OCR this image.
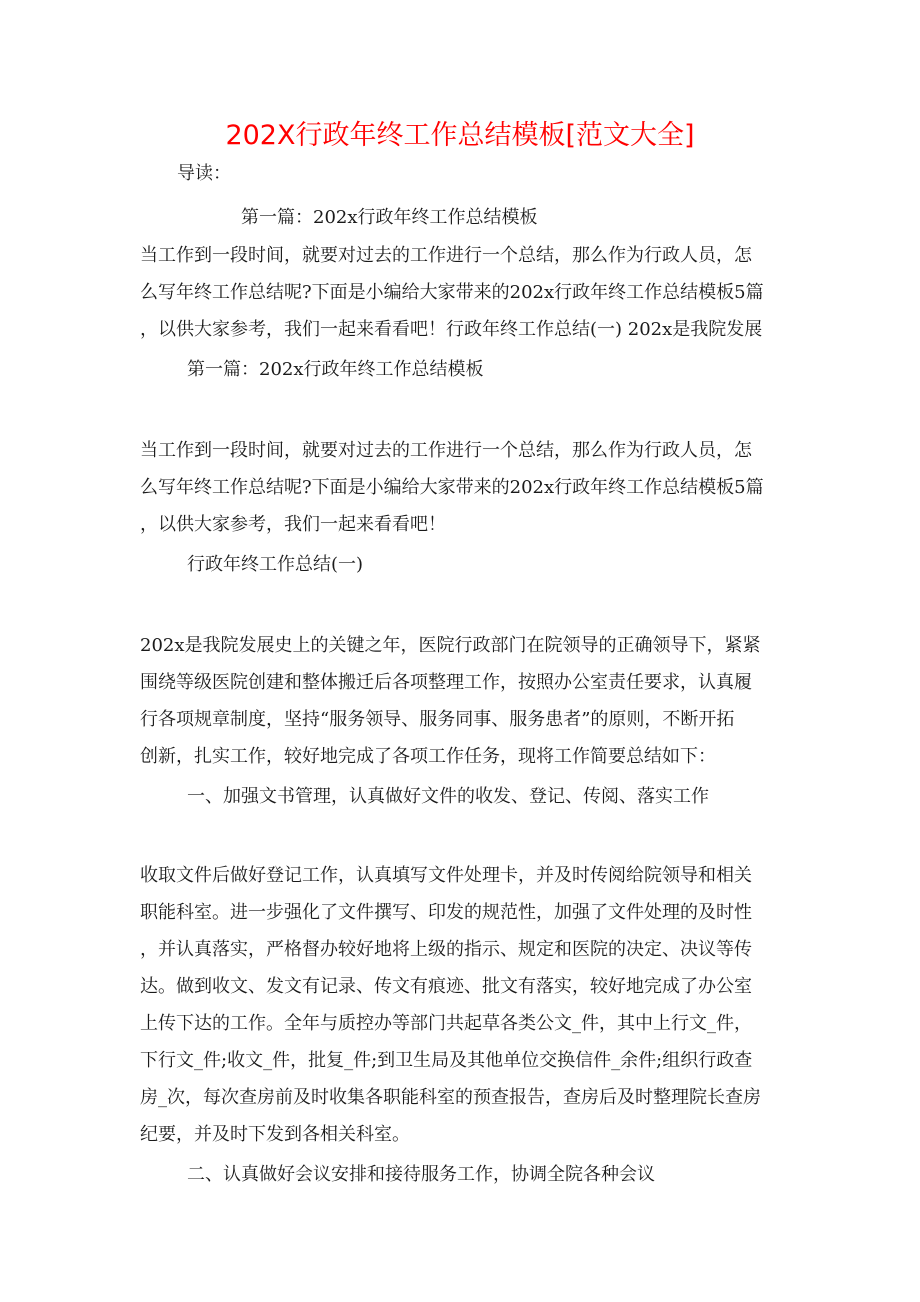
202X行政年终工作总结模板[范文大全]
导读：
第一篇：202x行政年终工作总结模板
当工作到一段时间，就要对过去的工作进行一个总结，那么作为行政人员，怎
么写年终工作总结呢?下面是小编给大家带来的202x行政年终工作总结模板5篇
，以供大家参考，我们一起来看看吧！行政年终工作总结(一) 202x是我院发展
第一篇：202x行政年终工作总结模板
当工作到一段时间，就要对过去的工作进行一个总结，那么作为行政人员，怎
么写年终工作总结呢?下面是小编给大家带来的202x行政年终工作总结模板5篇
，以供大家参考，我们一起来看看吧！
行政年终工作总结(一)
202x是我院发展史上的关键之年，医院行政部门在院领导的正确领导下，紧紧
围绕等级医院创建和整体搬迁后各项整理工作，按照办公室责任要求，认真履
行各项规章制度，坚持“服务领导、服务同事、服务患者”的原则，不断开拓
创新，扎实工作，较好地完成了各项工作任务，现将工作简要总结如下：
一、加强文书管理，认真做好文件的收发、登记、传阅、落实工作
收取文件后做好登记工作，认真填写文件处理卡，并及时传阅给院领导和相关
职能科室。进一步强化了文件撰写、印发的规范性，加强了文件处理的及时性
，并认真落实，严格督办较好地将上级的指示、规定和医院的决定、决议等传
达。做到收文、发文有记录、传文有痕迹、批文有落实，较好地完成了办公室
上传下达的工作。全年与质控办等部门共起草各类公文_件，其中上行文_件，
下行文_件;收文_件，批复_件;到卫生局及其他单位交换信件_余件;组织行政查
房_次，每次查房前及时收集各职能科室的预查报告，查房后及时整理院长查房
纪要，并及时下发到各相关科室。
二、认真做好会议安排和接待服务工作，协调全院各种会议
